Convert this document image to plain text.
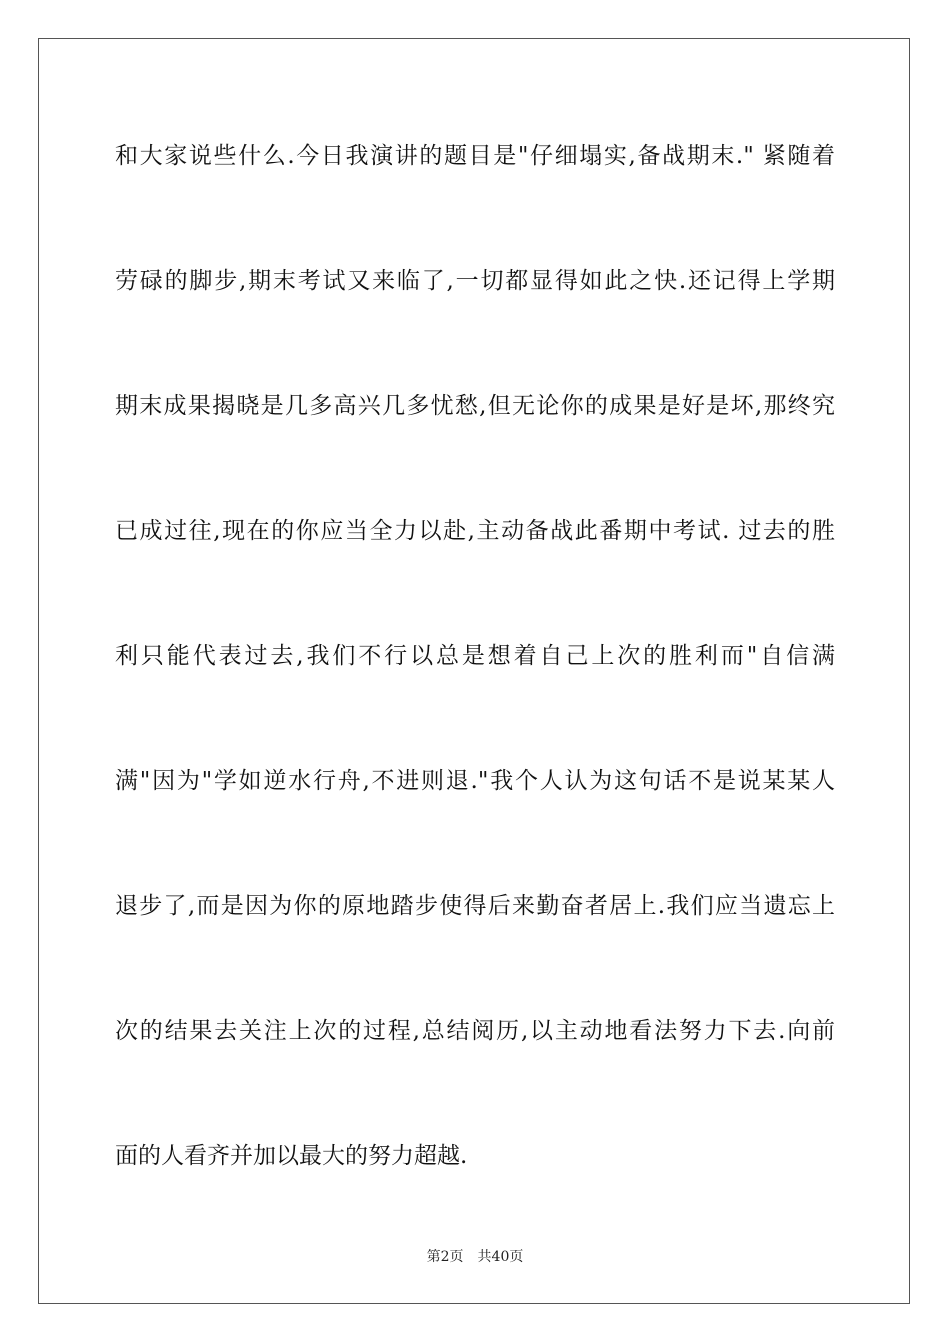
和大家说些什么.今日我演讲的题目是"仔细塌实,备战期末." 紧随着
劳碌的脚步,期末考试又来临了,一切都显得如此之快.还记得上学期
期末成果揭晓是几多高兴几多忧愁,但无论你的成果是好是坏,那终究
已成过往,现在的你应当全力以赴,主动备战此番期中考试. 过去的胜
利只能代表过去,我们不行以总是想着自己上次的胜利而"自信满
满"因为"学如逆水行舟,不进则退."我个人认为这句话不是说某某人
退步了,而是因为你的原地踏步使得后来勤奋者居上.我们应当遗忘上
次的结果去关注上次的过程,总结阅历,以主动地看法努力下去.向前
面的人看齐并加以最大的努力超越.
第2页 共40页
